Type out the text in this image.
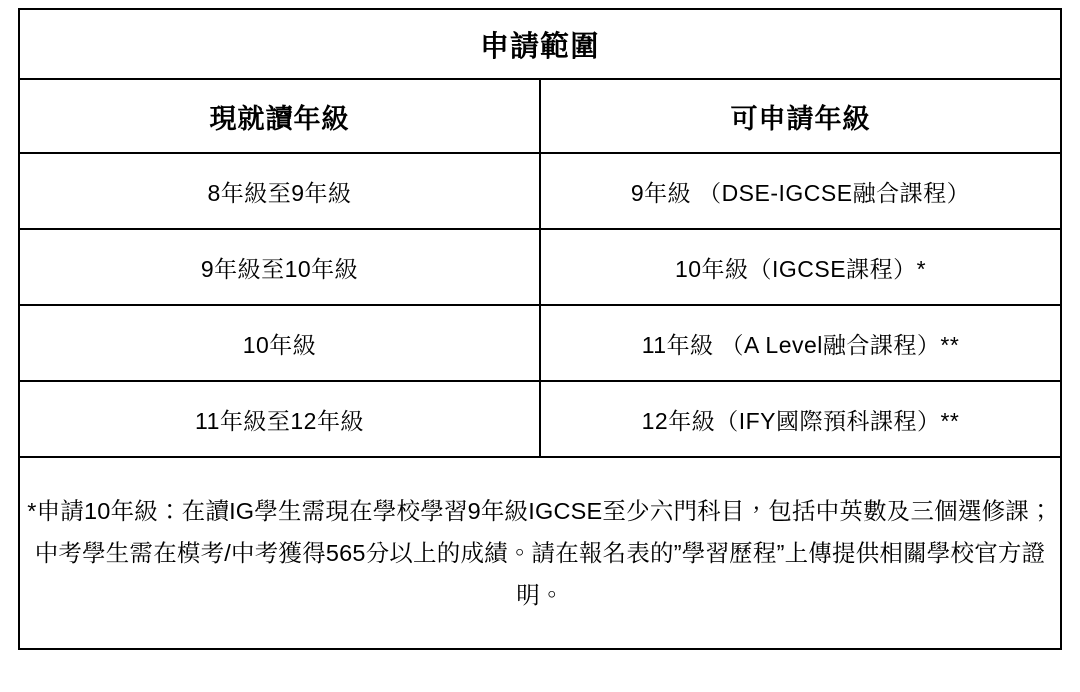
申請範圍	
現就讀年級	可申請年級
8年級至9年級	9年級 （DSE-IGCSE融合課程）
9年級至10年級	10年級（IGCSE課程）*
10年級	11年級 （A Level融合課程）**
11年級至12年級	12年級（IFY國際預科課程）**

*申請10年級：在讀IG學生需現在學校學習9年級IGCSE至少六門科目，包括中英數及三個選修課；中考學生需在模考/中考獲得565分以上的成績。請在報名表的”學習歷程”上傳提供相關學校官方證明。	
